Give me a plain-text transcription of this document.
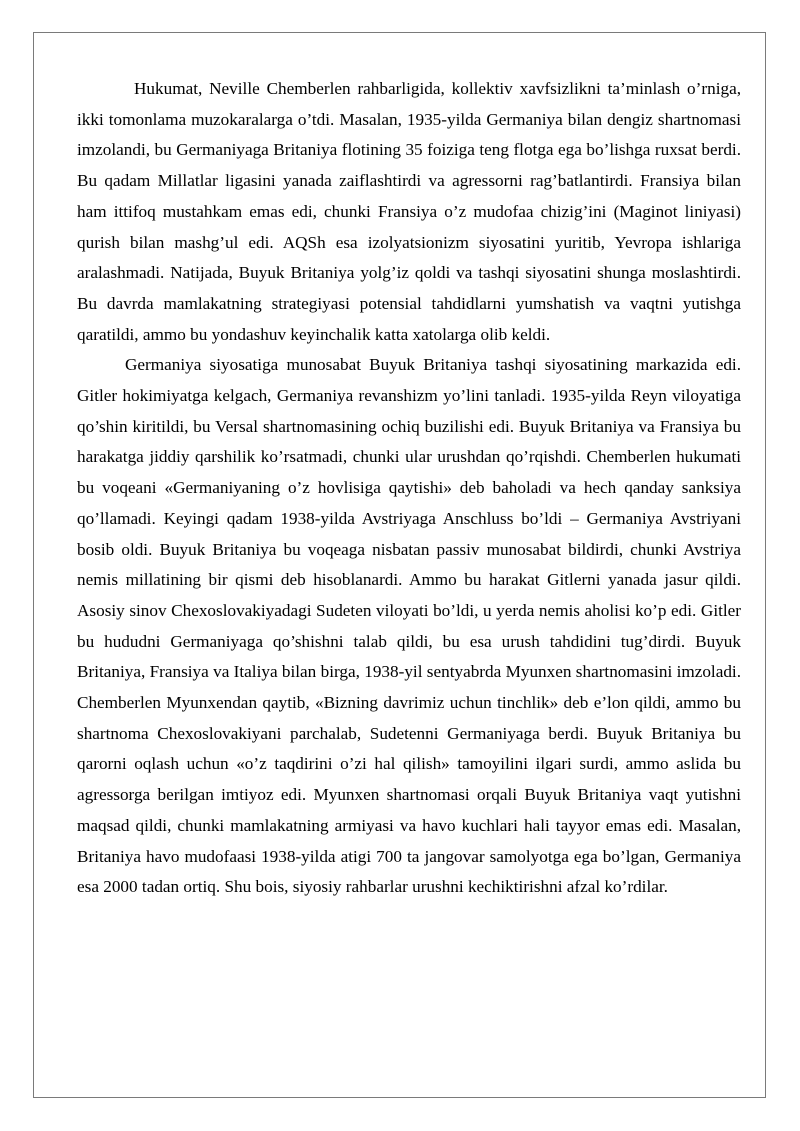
Hukumat, Neville Chemberlen rahbarligida, kollektiv xavfsizlikni ta’minlash o’rniga, ikki tomonlama muzokaralarga o’tdi. Masalan, 1935-yilda Germaniya bilan dengiz shartnomasi imzolandi, bu Germaniyaga Britaniya flotining 35 foiziga teng flotga ega bo’lishga ruxsat berdi. Bu qadam Millatlar ligasini yanada zaiflashtirdi va agressorni rag’batlantirdi. Fransiya bilan ham ittifoq mustahkam emas edi, chunki Fransiya o’z mudofaa chizig’ini (Maginot liniyasi) qurish bilan mashg’ul edi. AQSh esa izolyatsionizm siyosatini yuritib, Yevropa ishlariga aralashmadi. Natijada, Buyuk Britaniya yolg’iz qoldi va tashqi siyosatini shunga moslashtirdi. Bu davrda mamlakatning strategiyasi potensial tahdidlarni yumshatish va vaqtni yutishga qaratildi, ammo bu yondashuv keyinchalik katta xatolarga olib keldi.

Germaniya siyosatiga munosabat Buyuk Britaniya tashqi siyosatining markazida edi. Gitler hokimiyatga kelgach, Germaniya revanshizm yo’lini tanladi. 1935-yilda Reyn viloyatiga qo’shin kiritildi, bu Versal shartnomasining ochiq buzilishi edi. Buyuk Britaniya va Fransiya bu harakatga jiddiy qarshilik ko’rsatmadi, chunki ular urushdan qo’rqishdi. Chemberlen hukumati bu voqeani «Germaniyaning o’z hovlisiga qaytishi» deb baholadi va hech qanday sanksiya qo’llamadi. Keyingi qadam 1938-yilda Avstriyaga Anschluss bo’ldi – Germaniya Avstriyani bosib oldi. Buyuk Britaniya bu voqeaga nisbatan passiv munosabat bildirdi, chunki Avstriya nemis millatining bir qismi deb hisoblanardi. Ammo bu harakat Gitlerni yanada jasur qildi. Asosiy sinov Chexoslovakiyadagi Sudeten viloyati bo’ldi, u yerda nemis aholisi ko’p edi. Gitler bu hududni Germaniyaga qo’shishni talab qildi, bu esa urush tahdidini tug’dirdi. Buyuk Britaniya, Fransiya va Italiya bilan birga, 1938-yil sentyabrda Myunxen shartnomasini imzoladi. Chemberlen Myunxendan qaytib, «Bizning davrimiz uchun tinchlik» deb e’lon qildi, ammo bu shartnoma Chexoslovakiyani parchalab, Sudetenni Germaniyaga berdi. Buyuk Britaniya bu qarorni oqlash uchun «o’z taqdirini o’zi hal qilish» tamoyilini ilgari surdi, ammo aslida bu agressorga berilgan imtiyoz edi. Myunxen shartnomasi orqali Buyuk Britaniya vaqt yutishni maqsad qildi, chunki mamlakatning armiyasi va havo kuchlari hali tayyor emas edi. Masalan, Britaniya havo mudofaasi 1938-yilda atigi 700 ta jangovar samolyotga ega bo’lgan, Germaniya esa 2000 tadan ortiq. Shu bois, siyosiy rahbarlar urushni kechiktirishni afzal ko’rdilar.
